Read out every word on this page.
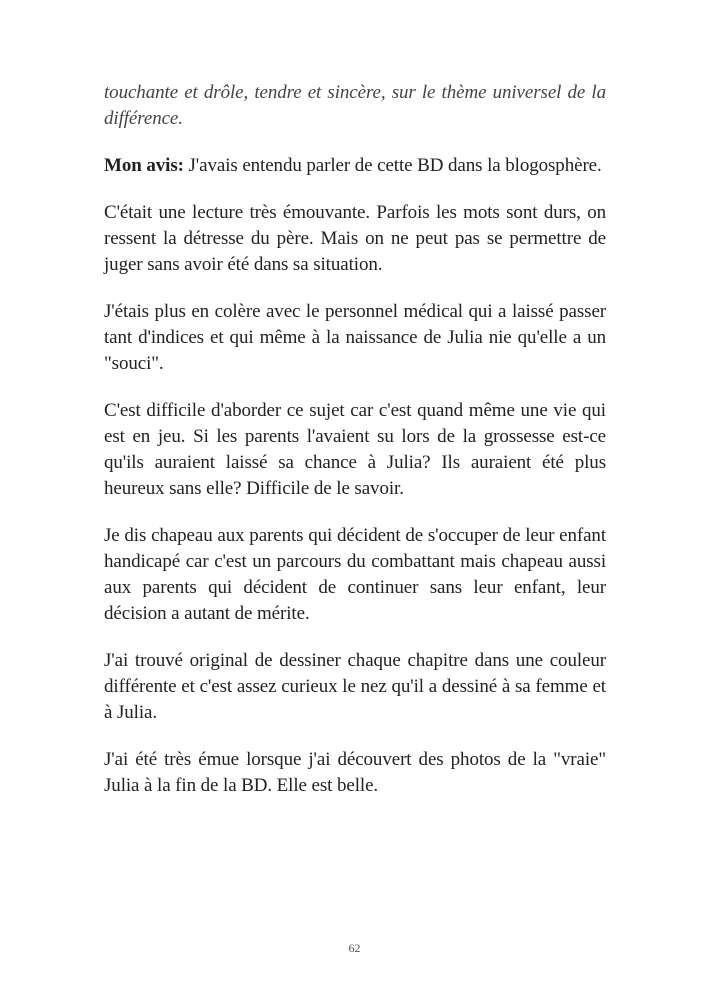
touchante et drôle, tendre et sincère, sur le thème universel de la différence.

Mon avis: J'avais entendu parler de cette BD dans la blogosphère.

C'était une lecture très émouvante. Parfois les mots sont durs, on ressent la détresse du père. Mais on ne peut pas se permettre de juger sans avoir été dans sa situation.

J'étais plus en colère avec le personnel médical qui a laissé passer tant d'indices et qui même à la naissance de Julia nie qu'elle a un "souci".

C'est difficile d'aborder ce sujet car c'est quand même une vie qui est en jeu. Si les parents l'avaient su lors de la grossesse est-ce qu'ils auraient laissé sa chance à Julia? Ils auraient été plus heureux sans elle? Difficile de le savoir.

Je dis chapeau aux parents qui décident de s'occuper de leur enfant handicapé car c'est un parcours du combattant mais chapeau aussi aux parents qui décident de continuer sans leur enfant, leur décision a autant de mérite.

J'ai trouvé original de dessiner chaque chapitre dans une couleur différente et c'est assez curieux le nez qu'il a dessiné à sa femme et à Julia.

J'ai été très émue lorsque j'ai découvert des photos de la "vraie" Julia à la fin de la BD. Elle est belle.

62
